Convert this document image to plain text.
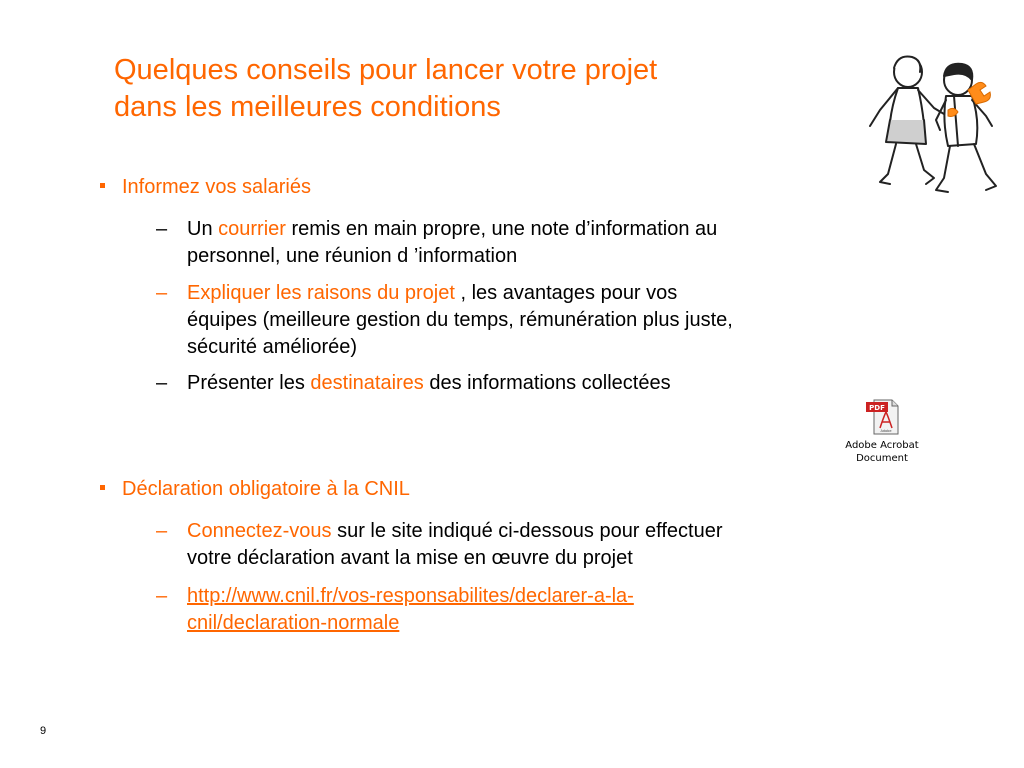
Quelques conseils pour lancer votre projet
dans les meilleures conditions
Informez vos salariés
– Un courrier remis en main propre, une note d’information au
personnel, une réunion d ’information
– Expliquer les raisons du projet , les avantages pour vos
équipes (meilleure gestion du temps, rémunération plus juste,
sécurité améliorée)
– Présenter les destinataires des informations collectées
PDF
Adobe
Adobe Acrobat
Document
Déclaration obligatoire à la CNIL
– Connectez-vous sur le site indiqué ci-dessous pour effectuer
votre déclaration avant la mise en œuvre du projet
– http://www.cnil.fr/vos-responsabilites/declarer-a-la-
cnil/declaration-normale
9
